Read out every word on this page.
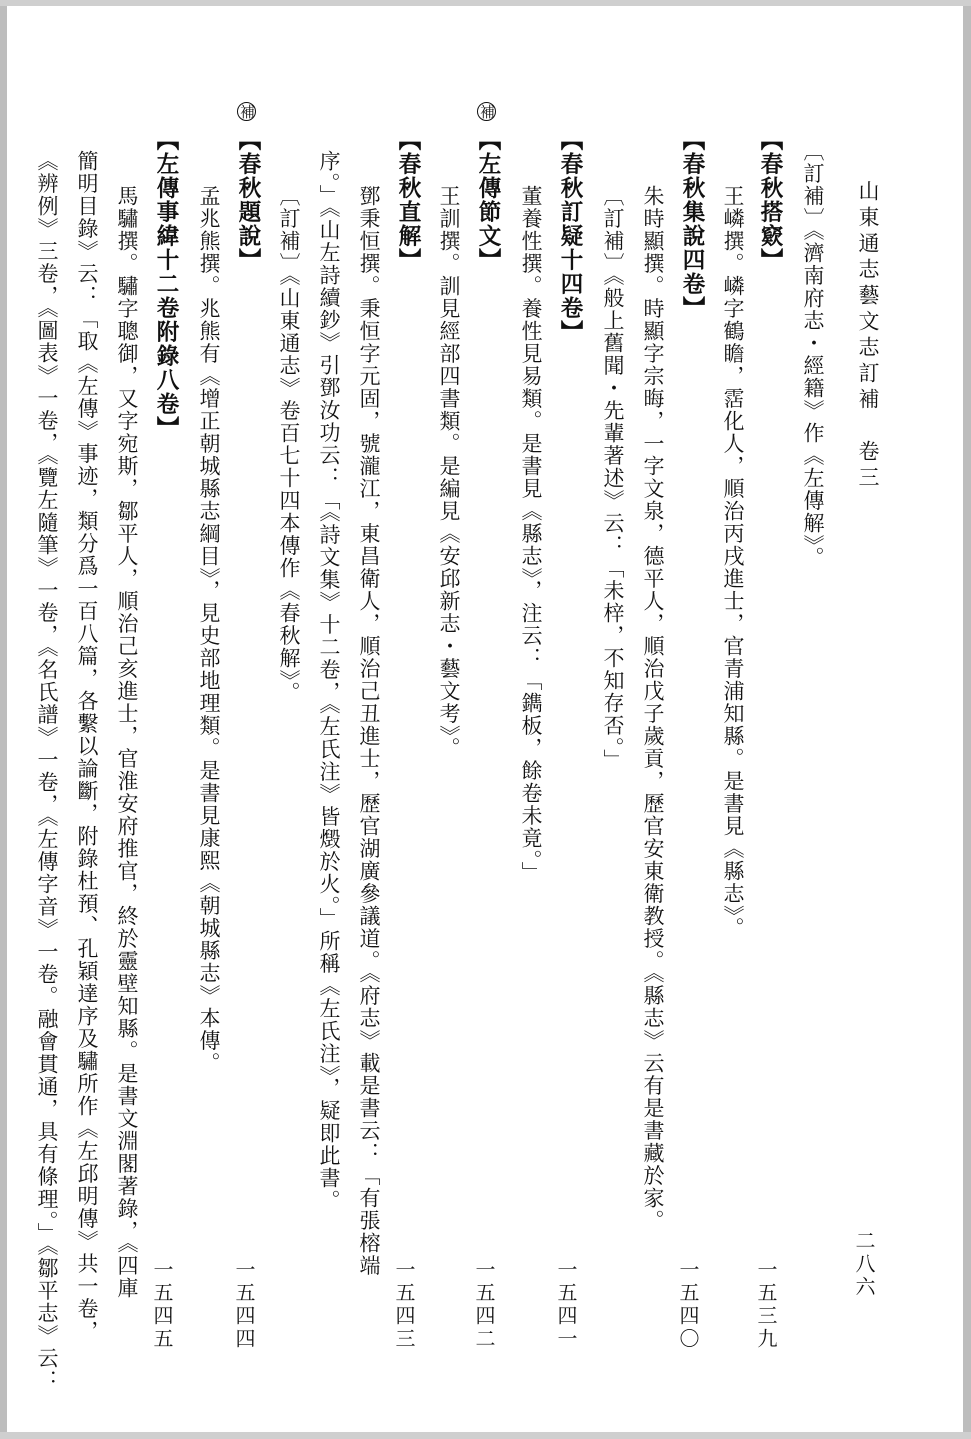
山東通志藝文志訂補　卷三
二八六
〔訂補〕《濟南府志・經籍》作《左傳解》。
【春秋搭窽】
一五三九
王嶙撰。嶙字鶴瞻，霑化人，順治丙戌進士，官青浦知縣。是書見《縣志》。
【春秋集說四卷】
一五四〇
朱時顯撰。時顯字宗晦，一字文泉，德平人，順治戊子歲貢，歷官安東衛教授。《縣志》云有是書藏於家。
〔訂補〕《般上舊聞・先輩著述》云：「未梓，不知存否。」
【春秋訂疑十四卷】
一五四一
董養性撰。養性見易類。是書見《縣志》，注云：「鐫板，餘卷未竟。」
【左傳節文】
補
一五四二
王訓撰。訓見經部四書類。是編見《安邱新志・藝文考》。
【春秋直解】
一五四三
鄧秉恒撰。秉恒字元固，號瀧江，東昌衛人，順治己丑進士，歷官湖廣參議道。《府志》載是書云：「有張榕端
序。」《山左詩續鈔》引鄧汝功云：「《詩文集》十二卷，《左氏注》皆燬於火。」所稱《左氏注》，疑即此書。
〔訂補〕《山東通志》卷百七十四本傳作《春秋解》。
【春秋題說】
補
一五四四
孟兆熊撰。兆熊有《增正朝城縣志綱目》，見史部地理類。是書見康熙《朝城縣志》本傳。
【左傳事緯十二卷附錄八卷】
一五四五
馬驌撰。驌字聰御，又字宛斯，鄒平人，順治己亥進士，官淮安府推官，終於靈壁知縣。是書文淵閣著錄，《四庫
簡明目錄》云：「取《左傳》事迹，類分爲一百八篇，各繫以論斷，附錄杜預、孔穎達序及驌所作《左邱明傳》共一卷，
《辨例》三卷，《圖表》一卷，《覽左隨筆》一卷，《名氏譜》一卷，《左傳字音》一卷。融會貫通，具有條理。」《鄒平志》云：
